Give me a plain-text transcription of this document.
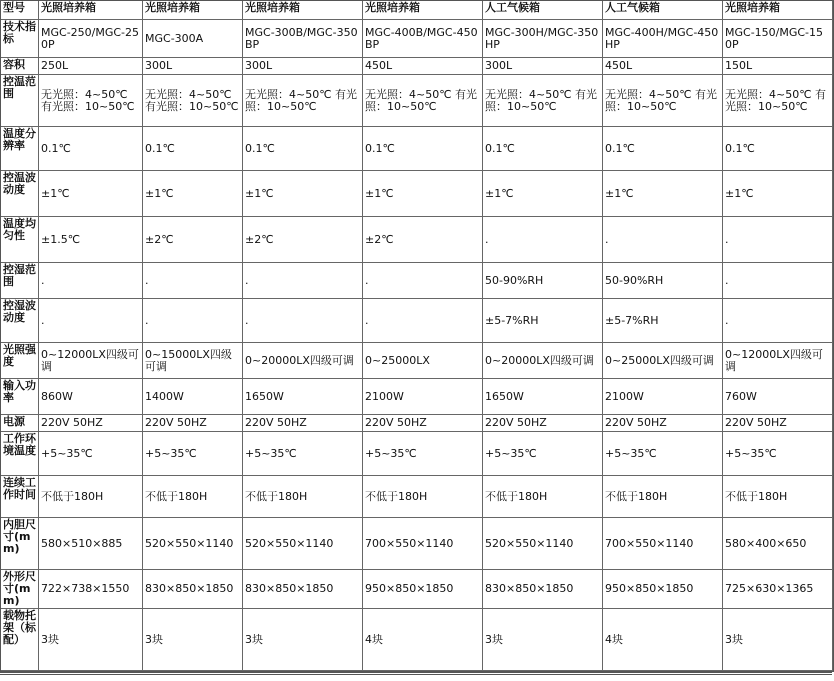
型号	光照培养箱	光照培养箱	光照培养箱	光照培养箱	人工气候箱	人工气候箱	光照培养箱
技术指标	MGC-250/MGC-250P	MGC-300A	MGC-300B/MGC-350BP	MGC-400B/MGC-450BP	MGC-300H/MGC-350HP	MGC-400H/MGC-450HP	MGC-150/MGC-150P
容积	250L	300L	300L	450L	300L	450L	150L
控温范围	无光照：4~50℃ 有光照：10~50℃	无光照：4~50℃ 有光照：10~50℃	无光照：4~50℃ 有光照：10~50℃	无光照：4~50℃ 有光照：10~50℃	无光照：4~50℃ 有光照：10~50℃	无光照：4~50℃ 有光照：10~50℃	无光照：4~50℃ 有光照：10~50℃
温度分辨率	0.1℃	0.1℃	0.1℃	0.1℃	0.1℃	0.1℃	0.1℃
控温波动度	±1℃	±1℃	±1℃	±1℃	±1℃	±1℃	±1℃
温度均匀性	±1.5℃	±2℃	±2℃	±2℃	.	.	.
控湿范围	.	.	.	.	50-90%RH	50-90%RH	.
控湿波动度	.	.	.	.	±5-7%RH	±5-7%RH	.
光照强度	0~12000LX四级可调	0~15000LX四级可调	0~20000LX四级可调	0~25000LX	0~20000LX四级可调	0~25000LX四级可调	0~12000LX四级可调
输入功率	860W	1400W	1650W	2100W	1650W	2100W	760W
电源	220V 50HZ	220V 50HZ	220V 50HZ	220V 50HZ	220V 50HZ	220V 50HZ	220V 50HZ
工作环境温度	+5~35℃	+5~35℃	+5~35℃	+5~35℃	+5~35℃	+5~35℃	+5~35℃
连续工作时间	不低于180H	不低于180H	不低于180H	不低于180H	不低于180H	不低于180H	不低于180H
内胆尺寸(mm)	580×510×885	520×550×1140	520×550×1140	700×550×1140	520×550×1140	700×550×1140	580×400×650
外形尺寸(mm)	722×738×1550	830×850×1850	830×850×1850	950×850×1850	830×850×1850	950×850×1850	725×630×1365
载物托架（标配）	3块	3块	3块	4块	3块	4块	3块
